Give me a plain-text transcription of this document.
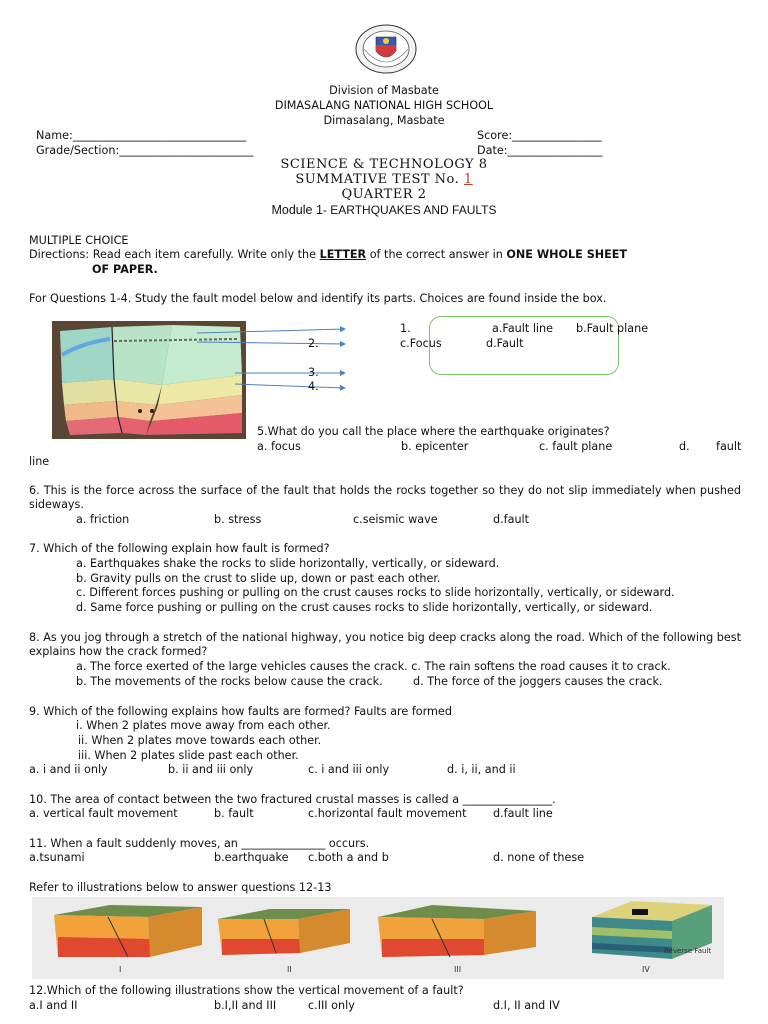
Division of Masbate
DIMASALANG NATIONAL HIGH SCHOOL
Dimasalang, Masbate
Name:_______________________________	Score:________________
Grade/Section:________________________	Date:_________________
SCIENCE & TECHNOLOGY 8
SUMMATIVE TEST No. 1
QUARTER 2
Module 1- EARTHQUAKES AND FAULTS
MULTIPLE CHOICE
Directions: Read each item carefully. Write only the LETTER of the correct answer in ONE WHOLE SHEET
OF PAPER.
For Questions 1-4. Study the fault model below and identify its parts. Choices are found inside the box.
1.
2.
3.
4.
a.Fault line b.Fault plane
c.Focus	d.Fault
5.What do you call the place where the earthquake originates?
a. focus	b. epicenter	c. fault plane	d. fault
line
6. This is the force across the surface of the fault that holds the rocks together so they do not slip immediately when pushed sideways.
a. friction	b. stress	c.seismic wave	d.fault
7. Which of the following explain how fault is formed?
a. Earthquakes shake the rocks to slide horizontally, vertically, or sideward.
b. Gravity pulls on the crust to slide up, down or past each other.
c. Different forces pushing or pulling on the crust causes rocks to slide horizontally, vertically, or sideward.
d. Same force pushing or pulling on the crust causes rocks to slide horizontally, vertically, or sideward.
8. As you jog through a stretch of the national highway, you notice big deep cracks along the road. Which of the following best explains how the crack formed?
a. The force exerted of the large vehicles causes the crack. c. The rain softens the road causes it to crack.
b. The movements of the rocks below cause the crack.	d. The force of the joggers causes the crack.
9. Which of the following explains how faults are formed? Faults are formed
i. When 2 plates move away from each other.
ii. When 2 plates move towards each other.
iii. When 2 plates slide past each other.
a. i and ii only	b. ii and iii only	c. i and iii only	d. i, ii, and ii
10. The area of contact between the two fractured crustal masses is called a ________________.
a. vertical fault movement	b. fault	c.horizontal fault movement d.fault line
11. When a fault suddenly moves, an _______________ occurs.
a.tsunami	b.earthquake c.both a and b	d. none of these
Refer to illustrations below to answer questions 12-13
Reverse Fault
I	II	III	IV
12.Which of the following illustrations show the vertical movement of a fault?
a.I and II	b.I,II and III	c.III only	d.I, II and IV
